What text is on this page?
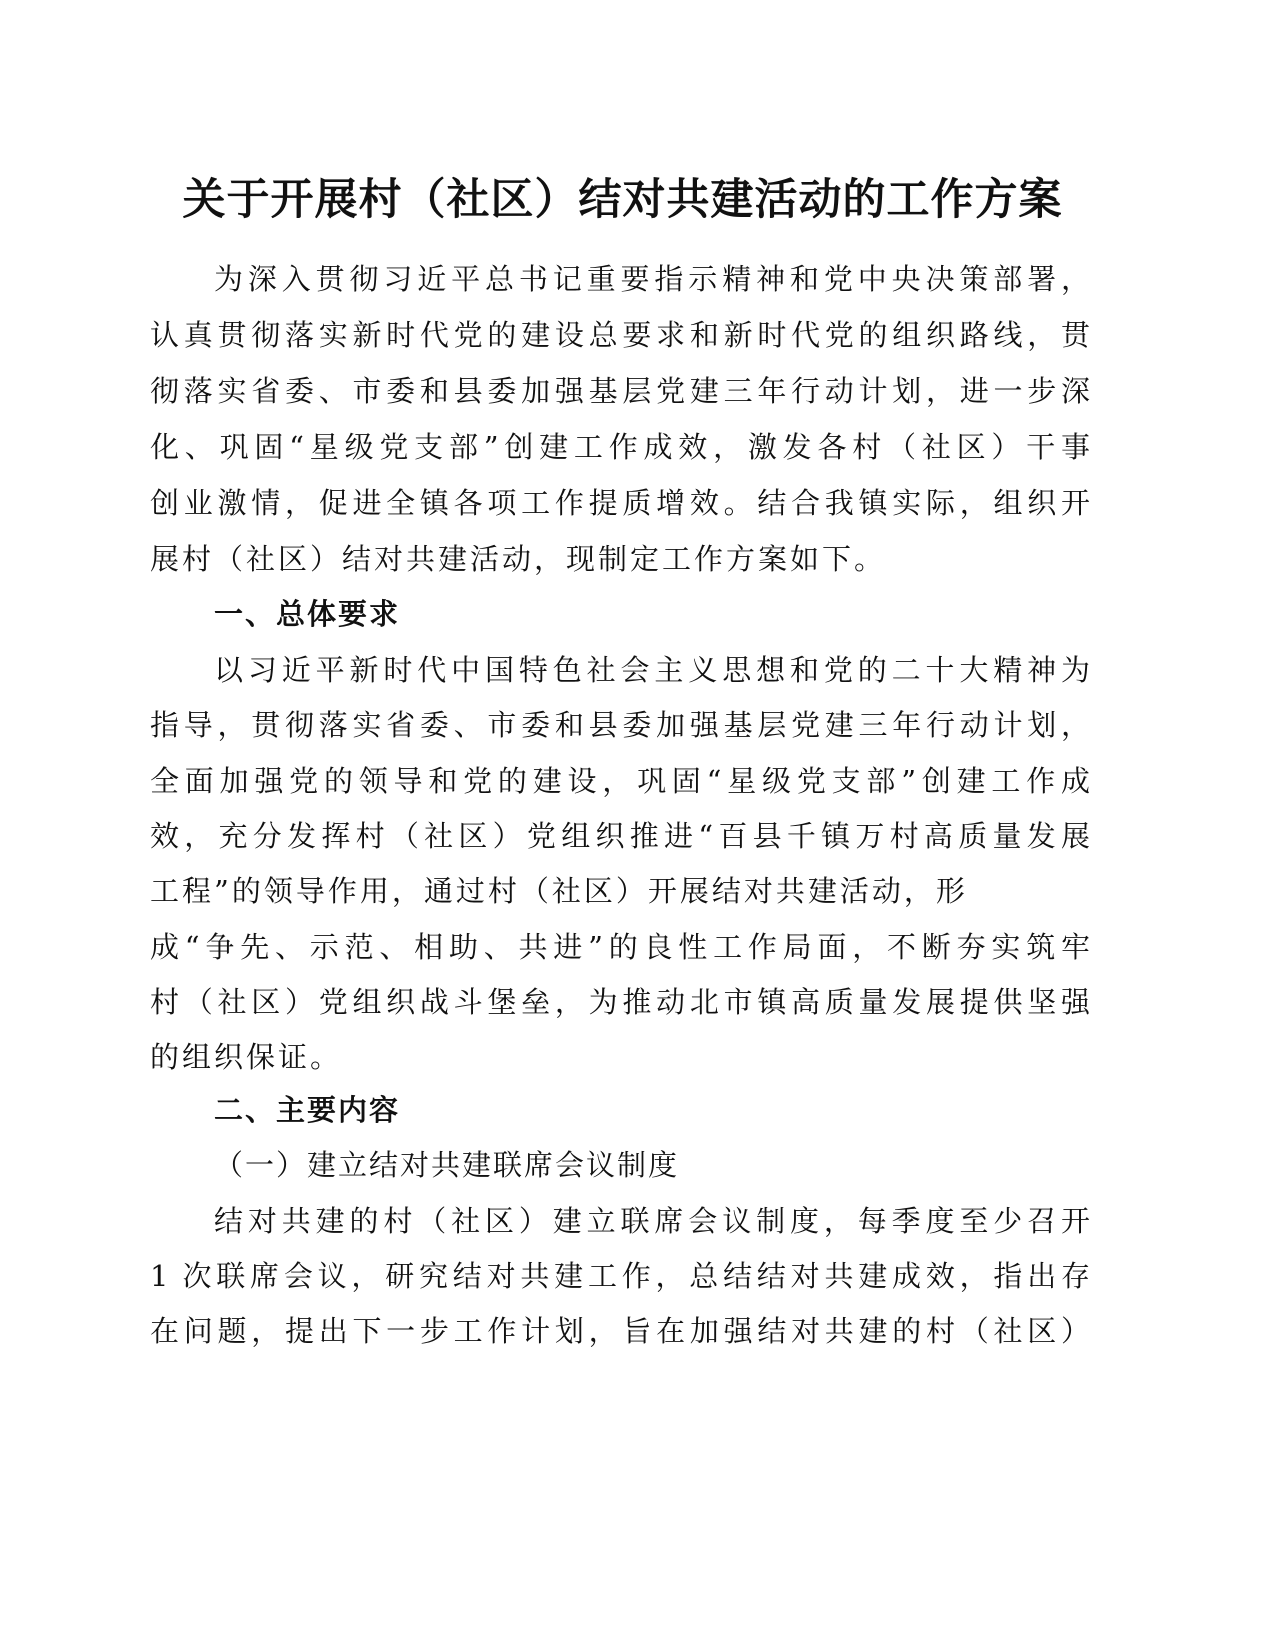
关于开展村（社区）结对共建活动的工作方案
为深入贯彻习近平总书记重要指示精神和党中央决策部署，
认真贯彻落实新时代党的建设总要求和新时代党的组织路线，贯
彻落实省委、市委和县委加强基层党建三年行动计划，进一步深
化、巩固“星级党支部”创建工作成效，激发各村（社区）干事
创业激情，促进全镇各项工作提质增效。结合我镇实际，组织开
展村（社区）结对共建活动，现制定工作方案如下。
一、总体要求
以习近平新时代中国特色社会主义思想和党的二十大精神为
指导，贯彻落实省委、市委和县委加强基层党建三年行动计划，
全面加强党的领导和党的建设，巩固“星级党支部”创建工作成
效，充分发挥村（社区）党组织推进“百县千镇万村高质量发展
工程”的领导作用，通过村（社区）开展结对共建活动，形
成“争先、示范、相助、共进”的良性工作局面，不断夯实筑牢
村（社区）党组织战斗堡垒，为推动北市镇高质量发展提供坚强
的组织保证。
二、主要内容
（一）建立结对共建联席会议制度
结对共建的村（社区）建立联席会议制度，每季度至少召开
1 次联席会议，研究结对共建工作，总结结对共建成效，指出存
在问题，提出下一步工作计划，旨在加强结对共建的村（社区）
